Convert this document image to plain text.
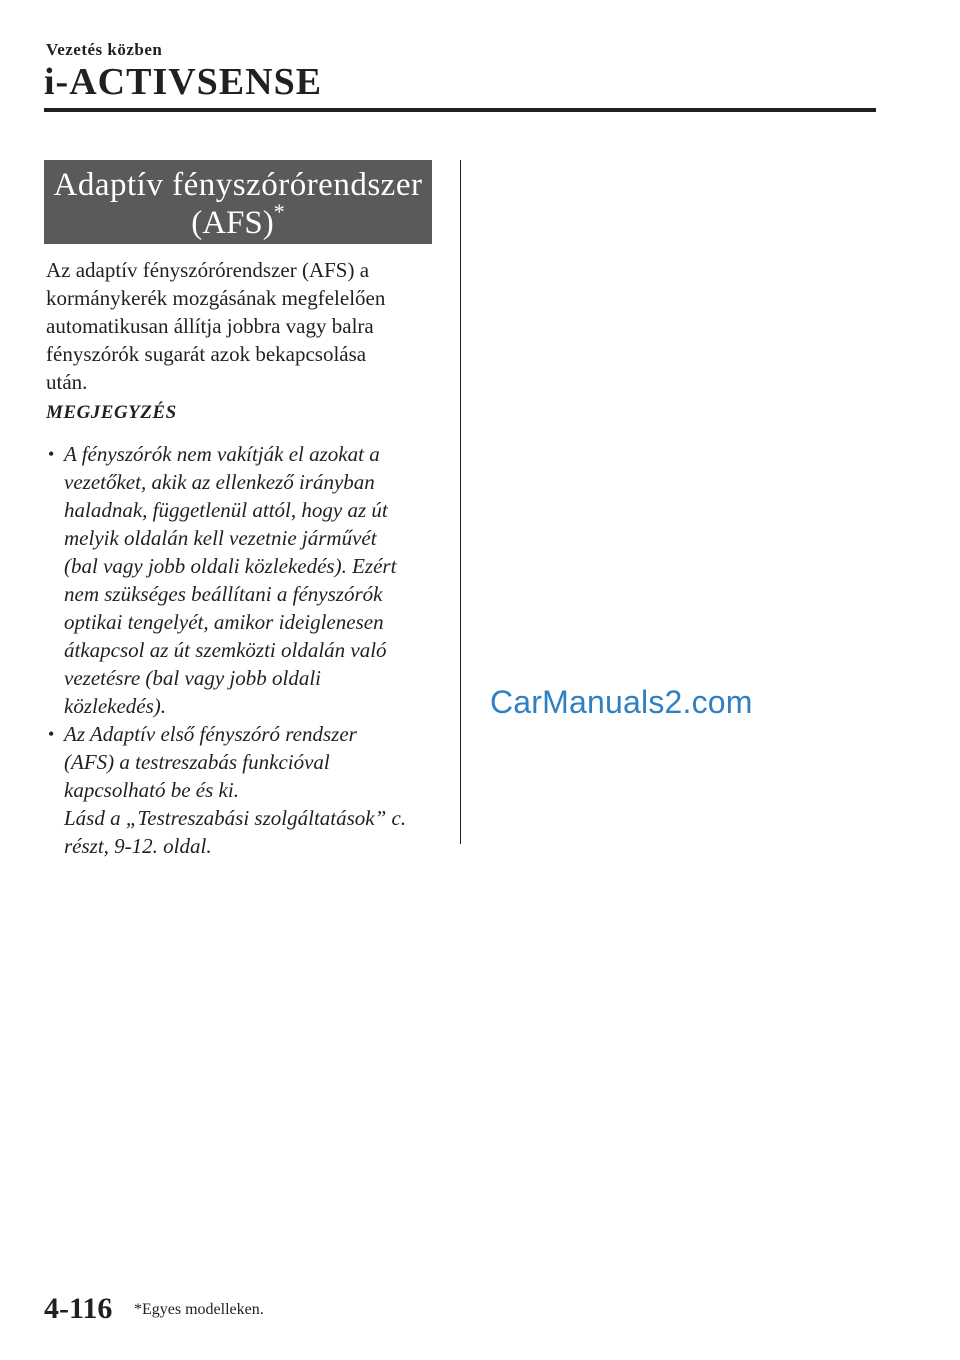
Vezetés közben
i-ACTIVSENSE
Adaptív fényszórórendszer
(AFS)*
Az adaptív fényszórórendszer (AFS) a
kormánykerék mozgásának megfelelően
automatikusan állítja jobbra vagy balra
fényszórók sugarát azok bekapcsolása
után.
MEGJEGYZÉS
• A fényszórók nem vakítják el azokat a
vezetőket, akik az ellenkező irányban
haladnak, függetlenül attól, hogy az út
melyik oldalán kell vezetnie járművét
(bal vagy jobb oldali közlekedés). Ezért
nem szükséges beállítani a fényszórók
optikai tengelyét, amikor ideiglenesen
átkapcsol az út szemközti oldalán való
vezetésre (bal vagy jobb oldali
közlekedés).
• Az Adaptív első fényszóró rendszer
(AFS) a testreszabás funkcióval
kapcsolható be és ki.
Lásd a „Testreszabási szolgáltatások” c.
részt, 9-12. oldal.
CarManuals2.com
4-116 *Egyes modelleken.
